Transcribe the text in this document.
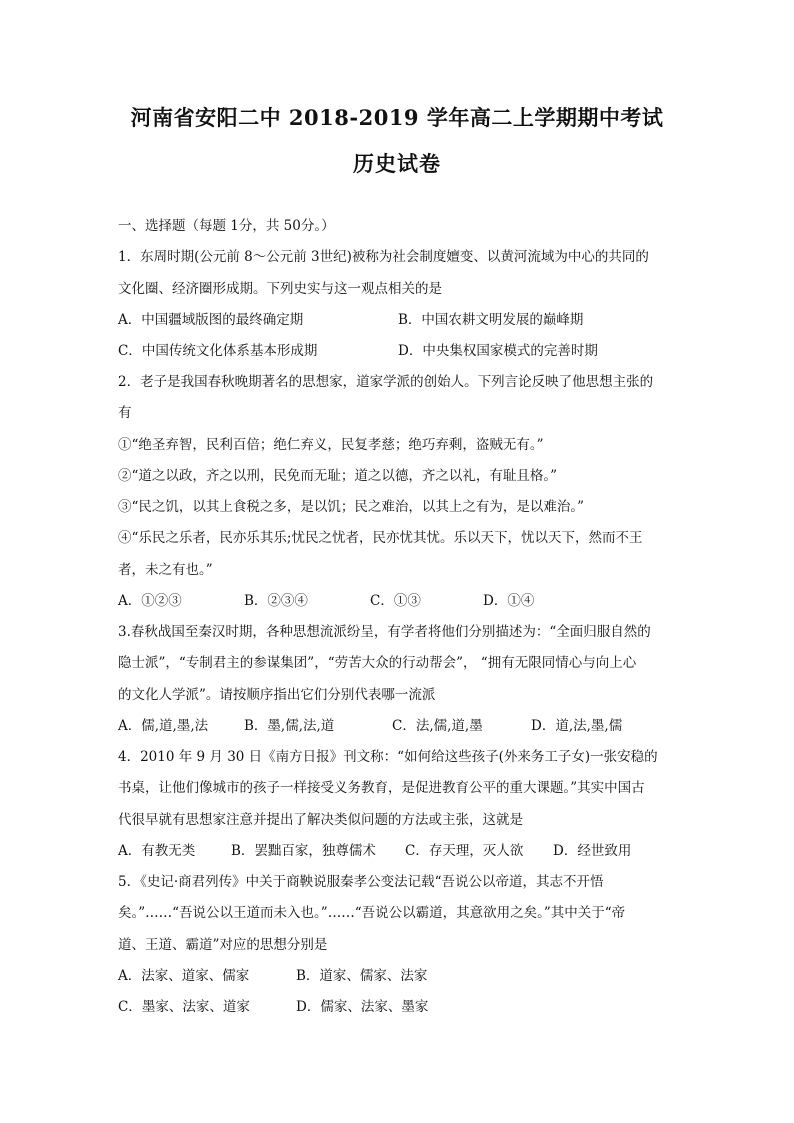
河南省安阳二中 2018-2019 学年高二上学期期中考试
历史试卷
一、选择题（每题 1分，共 50分。）
1．东周时期(公元前 8～公元前 3世纪)被称为社会制度嬗变、以黄河流域为中心的共同的
文化圈、经济圈形成期。下列史实与这一观点相关的是
A．中国疆域版图的最终确定期	B．中国农耕文明发展的巅峰期
C．中国传统文化体系基本形成期	D．中央集权国家模式的完善时期
2．老子是我国春秋晚期著名的思想家，道家学派的创始人。下列言论反映了他思想主张的
有
①“绝圣弃智，民利百倍；绝仁弃义，民复孝慈；绝巧弃剩，盗贼无有。”
②“道之以政，齐之以刑，民免而无耻；道之以德，齐之以礼，有耻且格。”
③“民之饥，以其上食税之多，是以饥；民之难治，以其上之有为，是以难治。”
④“乐民之乐者，民亦乐其乐;忧民之忧者，民亦忧其忧。乐以天下，忧以天下，然而不王
者，未之有也。”
A．①②③	B．②③④	C．①③	D．①④
3.春秋战国至秦汉时期，各种思想流派纷呈，有学者将他们分别描述为：“全面归服自然的
隐士派”，“专制君主的参谋集团”，“劳苦大众的行动帮会”， “拥有无限同情心与向上心
的文化人学派”。请按顺序指出它们分别代表哪一流派
A．儒,道,墨,法	B．墨,儒,法,道	C．法,儒,道,墨	D．道,法,墨,儒
4．2010 年 9 月 30 日《南方日报》刊文称：“如何给这些孩子(外来务工子女)一张安稳的
书桌，让他们像城市的孩子一样接受义务教育，是促进教育公平的重大课题。”其实中国古
代很早就有思想家注意并提出了解决类似问题的方法或主张，这就是
A．有教无类	B．罢黜百家，独尊儒术 C．存天理，灭人欲 D．经世致用
5．《史记·商君列传》中关于商鞅说服秦孝公变法记载“吾说公以帝道，其志不开悟
矣。”……“吾说公以王道而未入也。”……“吾说公以霸道，其意欲用之矣。”其中关于“帝
道、王道、霸道”对应的思想分别是
A．法家、道家、儒家	B．道家、儒家、法家
C．墨家、法家、道家	D．儒家、法家、墨家
